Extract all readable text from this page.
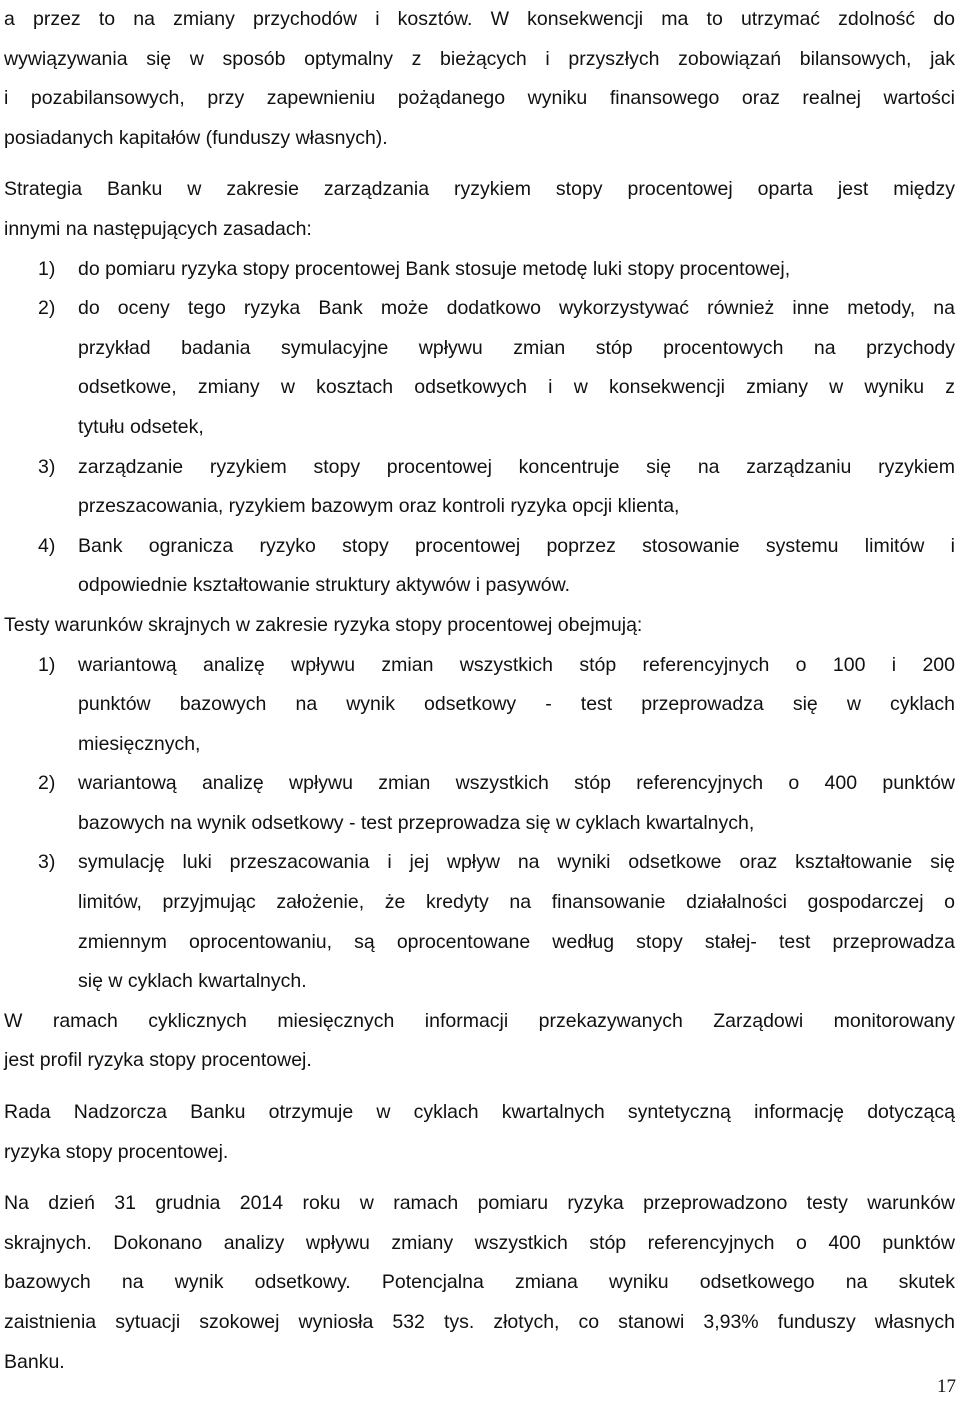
a przez to na zmiany przychodów i kosztów. W konsekwencji ma to utrzymać zdolność do
wywiązywania się w sposób optymalny z bieżących i przyszłych zobowiązań bilansowych, jak
i pozabilansowych, przy zapewnieniu pożądanego wyniku finansowego oraz realnej wartości
posiadanych kapitałów (funduszy własnych).
Strategia Banku w zakresie zarządzania ryzykiem stopy procentowej oparta jest między
innymi na następujących zasadach:
1)	do pomiaru ryzyka stopy procentowej Bank stosuje metodę luki stopy procentowej,
2)	do oceny tego ryzyka Bank może dodatkowo wykorzystywać również inne metody, na
przykład badania symulacyjne wpływu zmian stóp procentowych na przychody
odsetkowe, zmiany w kosztach odsetkowych i w konsekwencji zmiany w wyniku z
tytułu odsetek,
3)	zarządzanie ryzykiem stopy procentowej koncentruje się na zarządzaniu ryzykiem
przeszacowania, ryzykiem bazowym oraz kontroli ryzyka opcji klienta,
4)	Bank ogranicza ryzyko stopy procentowej poprzez stosowanie systemu limitów i
odpowiednie kształtowanie struktury aktywów i pasywów.
Testy warunków skrajnych w zakresie ryzyka stopy procentowej obejmują:
1)	wariantową analizę wpływu zmian wszystkich stóp referencyjnych o 100 i 200
punktów bazowych na wynik odsetkowy - test przeprowadza się w cyklach
miesięcznych,
2)	wariantową analizę wpływu zmian wszystkich stóp referencyjnych o 400 punktów
bazowych na wynik odsetkowy - test przeprowadza się w cyklach kwartalnych,
3)	symulację luki przeszacowania i jej wpływ na wyniki odsetkowe oraz kształtowanie się
limitów, przyjmując założenie, że kredyty na finansowanie działalności gospodarczej o
zmiennym oprocentowaniu, są oprocentowane według stopy stałej- test przeprowadza
się w cyklach kwartalnych.
W ramach cyklicznych miesięcznych informacji przekazywanych Zarządowi monitorowany
jest profil ryzyka stopy procentowej.
Rada Nadzorcza Banku otrzymuje w cyklach kwartalnych syntetyczną informację dotyczącą
ryzyka stopy procentowej.
Na dzień 31 grudnia 2014 roku w ramach pomiaru ryzyka przeprowadzono testy warunków
skrajnych. Dokonano analizy wpływu zmiany wszystkich stóp referencyjnych o 400 punktów
bazowych na wynik odsetkowy. Potencjalna zmiana wyniku odsetkowego na skutek
zaistnienia sytuacji szokowej wyniosła 532 tys. złotych, co stanowi 3,93% funduszy własnych
Banku.
17
